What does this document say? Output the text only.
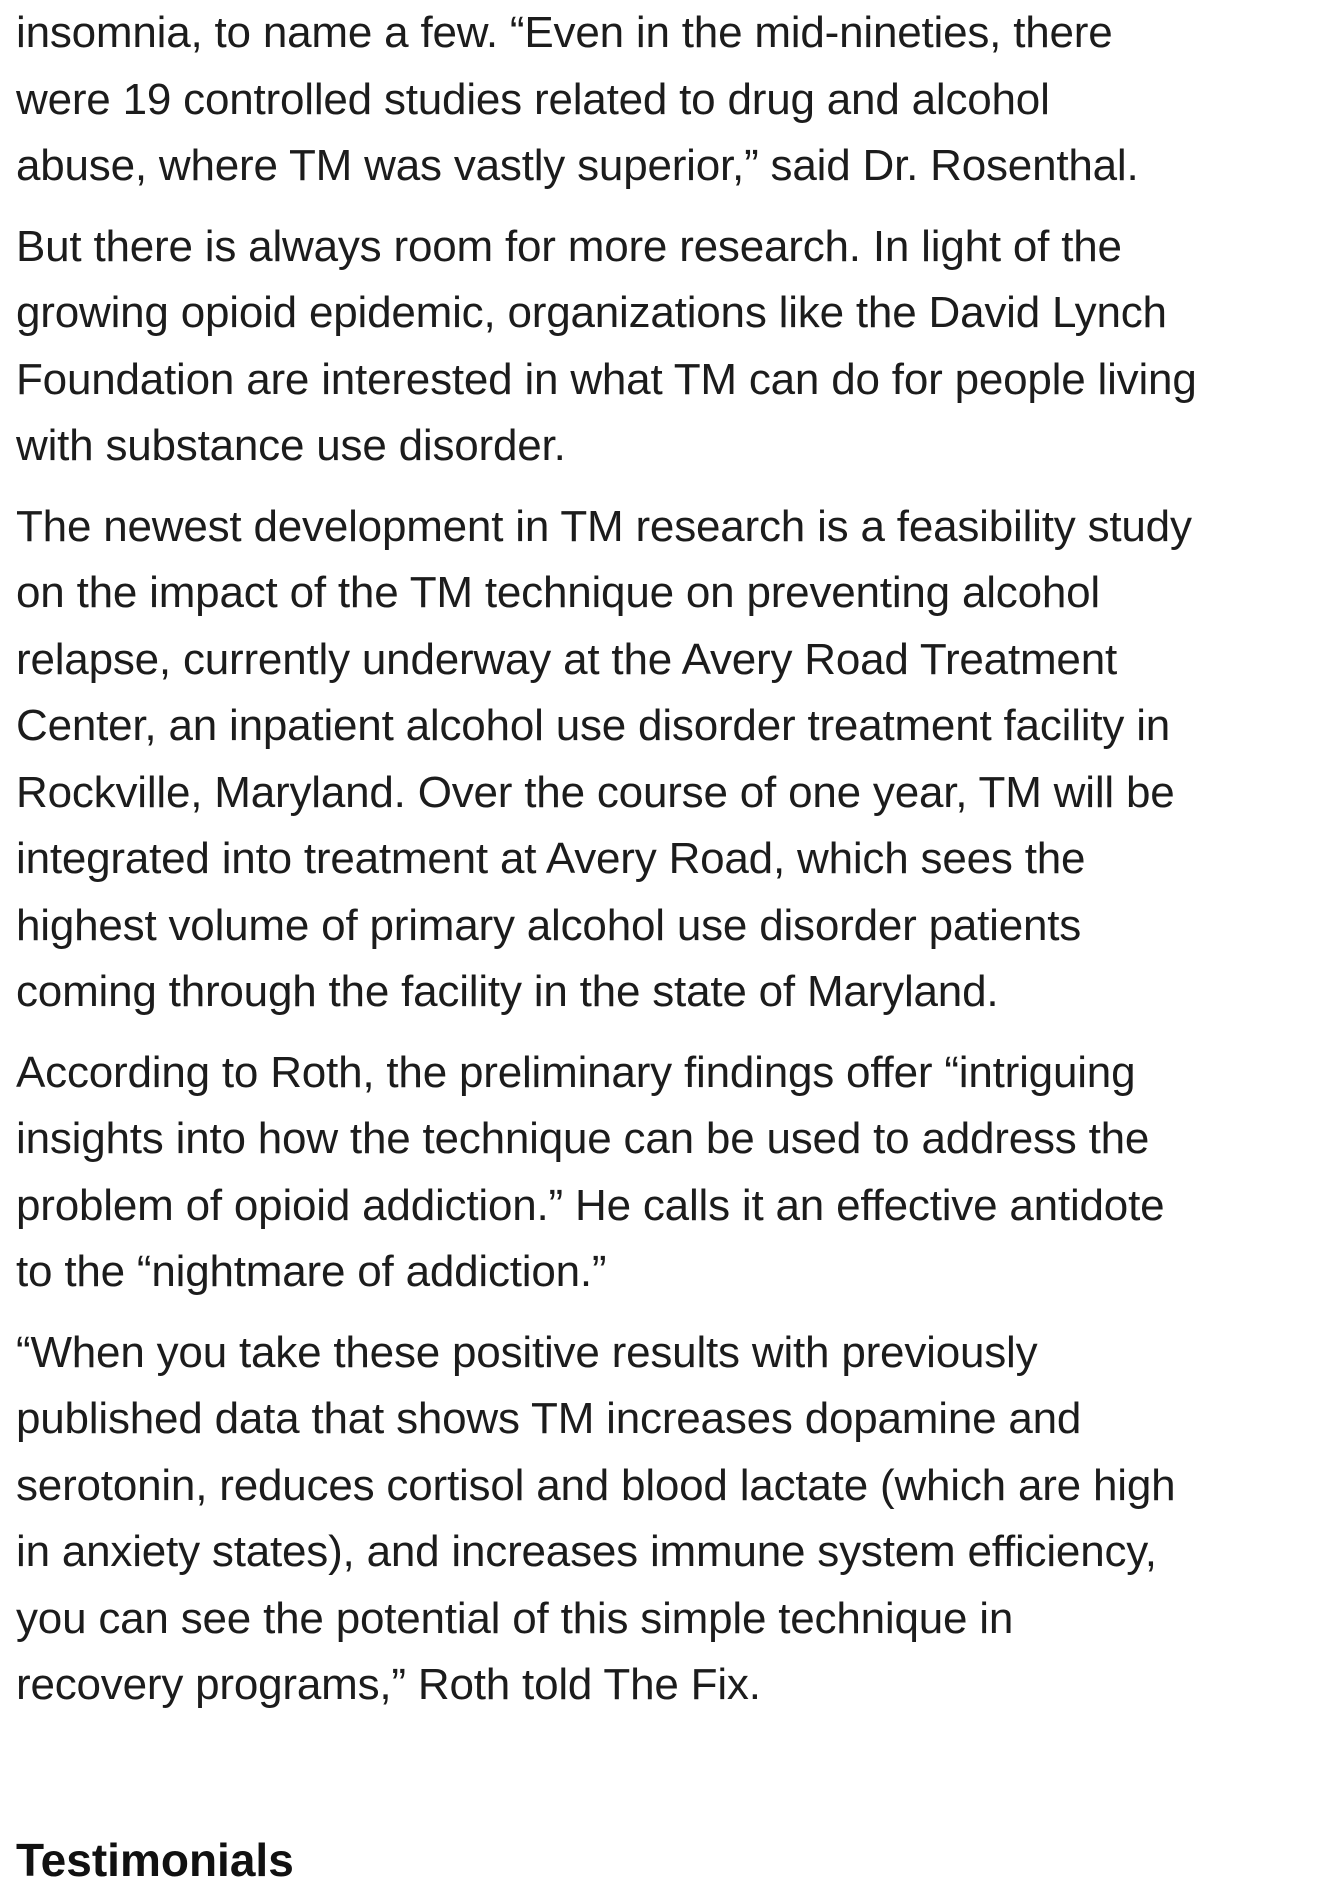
insomnia, to name a few. “Even in the mid-nineties, there
were 19 controlled studies related to drug and alcohol
abuse, where TM was vastly superior,” said Dr. Rosenthal.

But there is always room for more research. In light of the
growing opioid epidemic, organizations like the David Lynch
Foundation are interested in what TM can do for people living
with substance use disorder.

The newest development in TM research is a feasibility study
on the impact of the TM technique on preventing alcohol
relapse, currently underway at the Avery Road Treatment
Center, an inpatient alcohol use disorder treatment facility in
Rockville, Maryland. Over the course of one year, TM will be
integrated into treatment at Avery Road, which sees the
highest volume of primary alcohol use disorder patients
coming through the facility in the state of Maryland.

According to Roth, the preliminary findings offer “intriguing
insights into how the technique can be used to address the
problem of opioid addiction.” He calls it an effective antidote
to the “nightmare of addiction.”

“When you take these positive results with previously
published data that shows TM increases dopamine and
serotonin, reduces cortisol and blood lactate (which are high
in anxiety states), and increases immune system efficiency,
you can see the potential of this simple technique in
recovery programs,” Roth told The Fix.

Testimonials
